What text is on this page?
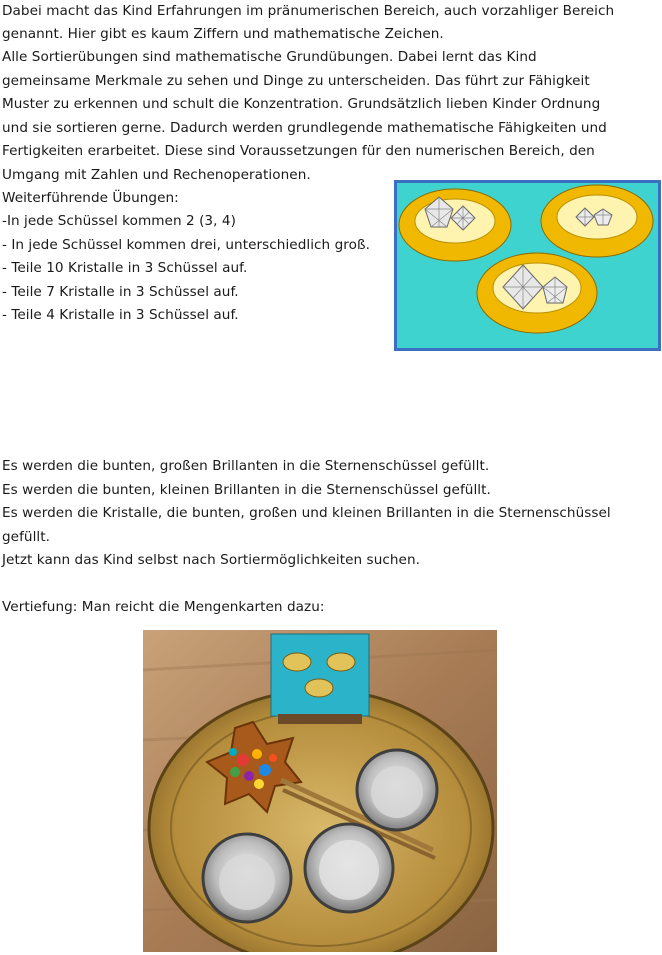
Dabei macht das Kind Erfahrungen im pränumerischen Bereich, auch vorzahliger Bereich
genannt. Hier gibt es kaum Ziffern und mathematische Zeichen.
Alle Sortierübungen sind mathematische Grundübungen. Dabei lernt das Kind
gemeinsame Merkmale zu sehen und Dinge zu unterscheiden. Das führt zur Fähigkeit
Muster zu erkennen und schult die Konzentration. Grundsätzlich lieben Kinder Ordnung
und sie sortieren gerne. Dadurch werden grundlegende mathematische Fähigkeiten und
Fertigkeiten erarbeitet. Diese sind Voraussetzungen für den numerischen Bereich, den
Umgang mit Zahlen und Rechenoperationen.
Weiterführende Übungen:
-In jede Schüssel kommen 2 (3, 4)
- In jede Schüssel kommen drei, unterschiedlich groß.
- Teile 10 Kristalle in 3 Schüssel auf.
- Teile 7 Kristalle in 3 Schüssel auf.
- Teile 4 Kristalle in 3 Schüssel auf.
Es werden die bunten, großen Brillanten in die Sternenschüssel gefüllt.
Es werden die bunten, kleinen Brillanten in die Sternenschüssel gefüllt.
Es werden die Kristalle, die bunten, großen und kleinen Brillanten in die Sternenschüssel
gefüllt.
Jetzt kann das Kind selbst nach Sortiermöglichkeiten suchen.
Vertiefung: Man reicht die Mengenkarten dazu:
